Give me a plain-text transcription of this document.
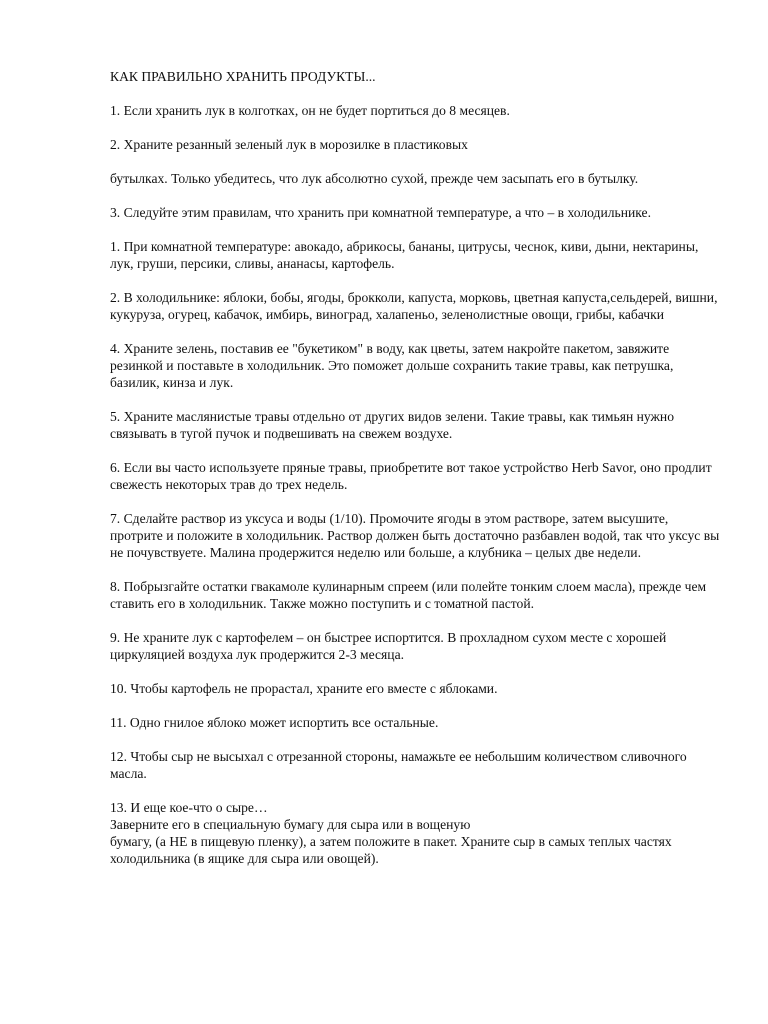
КАК ПРАВИЛЬНО ХРАНИТЬ ПРОДУКТЫ...
1. Если хранить лук в колготках, он не будет портиться до 8 месяцев.
2. Храните резанный зеленый лук в морозилке в пластиковых
бутылках. Только убедитесь, что лук абсолютно сухой, прежде чем засыпать его в бутылку.
3. Следуйте этим правилам, что хранить при комнатной температуре, а что – в холодильнике.
1. При комнатной температуре: авокадо, абрикосы, бананы, цитрусы, чеснок, киви, дыни, нектарины, лук, груши, персики, сливы, ананасы, картофель.
2. В холодильнике: яблоки, бобы, ягоды, брокколи, капуста, морковь, цветная капуста,сельдерей, вишни, кукуруза, огурец, кабачок, имбирь, виноград, халапеньо, зеленолистные овощи, грибы, кабачки
4. Храните зелень, поставив ее "букетиком" в воду, как цветы, затем накройте пакетом, завяжите резинкой и поставьте в холодильник. Это поможет дольше сохранить такие травы, как петрушка, базилик, кинза и лук.
5. Храните маслянистые травы отдельно от других видов зелени. Такие травы, как тимьян нужно связывать в тугой пучок и подвешивать на свежем воздухе.
6. Если вы часто используете пряные травы, приобретите вот такое устройство Herb Savor, оно продлит свежесть некоторых трав до трех недель.
7. Сделайте раствор из уксуса и воды (1/10). Промочите ягоды в этом растворе, затем высушите, протрите и положите в холодильник. Раствор должен быть достаточно разбавлен водой, так что уксус вы не почувствуете. Малина продержится неделю или больше, а клубника – целых две недели.
8. Побрызгайте остатки гвакамоле кулинарным спреем (или полейте тонким слоем масла), прежде чем ставить его в холодильник. Также можно поступить и с томатной пастой.
9. Не храните лук с картофелем – он быстрее испортится. В прохладном сухом месте с хорошей циркуляцией воздуха лук продержится 2-3 месяца.
10. Чтобы картофель не прорастал, храните его вместе с яблоками.
11. Одно гнилое яблоко может испортить все остальные.
12. Чтобы сыр не высыхал с отрезанной стороны, намажьте ее небольшим количеством сливочного масла.
13. И еще кое-что о сыре…
Заверните его в специальную бумагу для сыра или в вощеную
бумагу, (а НЕ в пищевую пленку), а затем положите в пакет. Храните сыр в самых теплых частях холодильника (в ящике для сыра или овощей).
